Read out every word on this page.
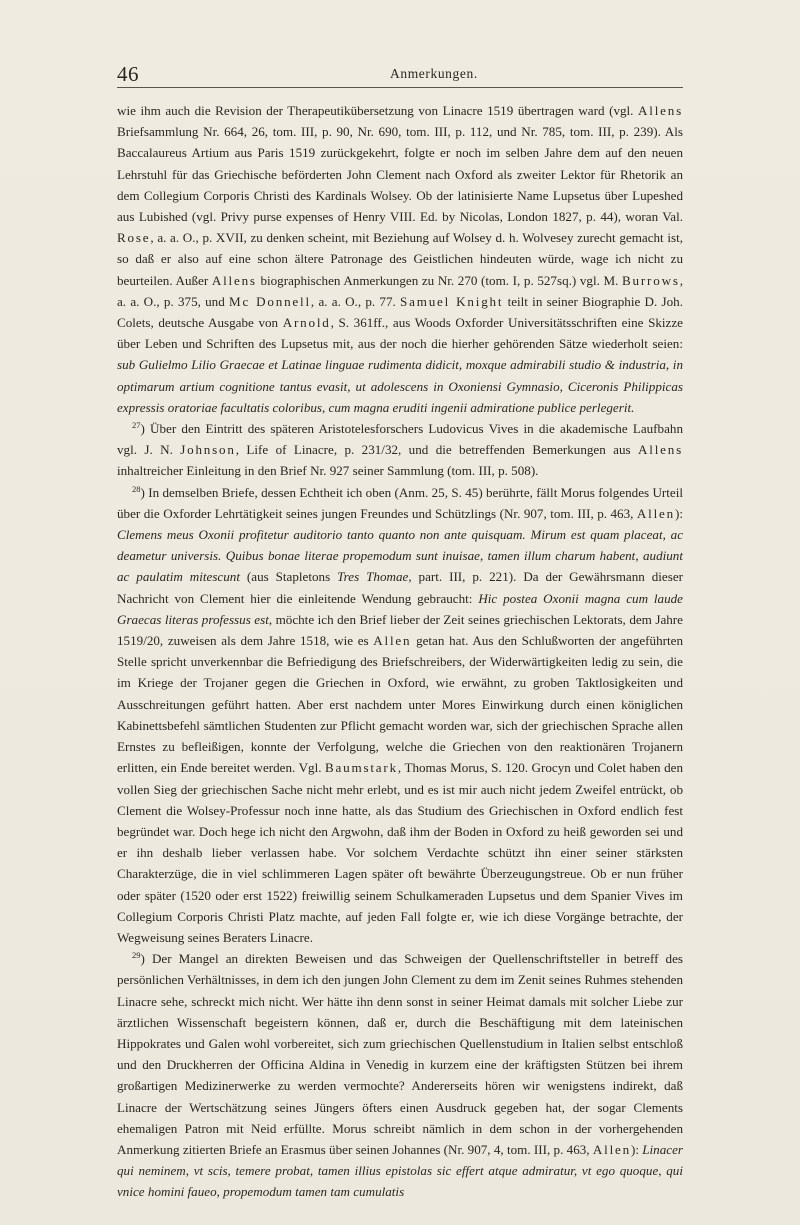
46	Anmerkungen.

wie ihm auch die Revision der Therapeutikübersetzung von Linacre 1519 übertragen ward (vgl. Allens Briefsammlung Nr. 664, 26, tom. III, p. 90, Nr. 690, tom. III, p. 112, und Nr. 785, tom. III, p. 239). Als Baccalaureus Artium aus Paris 1519 zurückgekehrt, folgte er noch im selben Jahre dem auf den neuen Lehrstuhl für das Griechische beförderten John Clement nach Oxford als zweiter Lektor für Rhetorik an dem Collegium Corporis Christi des Kardinals Wolsey. Ob der latinisierte Name Lupsetus über Lupeshed aus Lubished (vgl. Privy purse expenses of Henry VIII. Ed. by Nicolas, London 1827, p. 44), woran Val. Rose, a. a. O., p. XVII, zu denken scheint, mit Beziehung auf Wolsey d. h. Wolvesey zurecht gemacht ist, so daß er also auf eine schon ältere Patronage des Geistlichen hindeuten würde, wage ich nicht zu beurteilen. Außer Allens biographischen Anmerkungen zu Nr. 270 (tom. I, p. 527sq.) vgl. M. Burrows, a. a. O., p. 375, und Mc Donnell, a. a. O., p. 77. Samuel Knight teilt in seiner Biographie D. Joh. Colets, deutsche Ausgabe von Arnold, S. 361ff., aus Woods Oxforder Universitätsschriften eine Skizze über Leben und Schriften des Lupsetus mit, aus der noch die hierher gehörenden Sätze wiederholt seien: sub Gulielmo Lilio Graecae et Latinae linguae rudimenta didicit, moxque admirabili studio & industria, in optimarum artium cognitione tantus evasit, ut adolescens in Oxoniensi Gymnasio, Ciceronis Philippicas expressis oratoriae facultatis coloribus, cum magna eruditi ingenii admiratione publice perlegerit.

$^{27}$) Über den Eintritt des späteren Aristotelesforschers Ludovicus Vives in die akademische Laufbahn vgl. J. N. Johnson, Life of Linacre, p. 231/32, und die betreffenden Bemerkungen aus Allens inhaltreicher Einleitung in den Brief Nr. 927 seiner Sammlung (tom. III, p. 508).

$^{28}$) In demselben Briefe, dessen Echtheit ich oben (Anm. 25, S. 45) berührte, fällt Morus folgendes Urteil über die Oxforder Lehrtätigkeit seines jungen Freundes und Schützlings (Nr. 907, tom. III, p. 463, Allen): Clemens meus Oxonii profitetur auditorio tanto quanto non ante quisquam. Mirum est quam placeat, ac deametur universis. Quibus bonae literae propemodum sunt inuisae, tamen illum charum habent, audiunt ac paulatim mitescunt (aus Stapletons Tres Thomae, part. III, p. 221). Da der Gewährsmann dieser Nachricht von Clement hier die einleitende Wendung gebraucht: Hic postea Oxonii magna cum laude Graecas literas professus est, möchte ich den Brief lieber der Zeit seines griechischen Lektorats, dem Jahre 1519/20, zuweisen als dem Jahre 1518, wie es Allen getan hat. Aus den Schlußworten der angeführten Stelle spricht unverkennbar die Befriedigung des Briefschreibers, der Widerwärtigkeiten ledig zu sein, die im Kriege der Trojaner gegen die Griechen in Oxford, wie erwähnt, zu groben Taktlosigkeiten und Ausschreitungen geführt hatten. Aber erst nachdem unter Mores Einwirkung durch einen königlichen Kabinettsbefehl sämtlichen Studenten zur Pflicht gemacht worden war, sich der griechischen Sprache allen Ernstes zu befleißigen, konnte der Verfolgung, welche die Griechen von den reaktionären Trojanern erlitten, ein Ende bereitet werden. Vgl. Baumstark, Thomas Morus, S. 120. Grocyn und Colet haben den vollen Sieg der griechischen Sache nicht mehr erlebt, und es ist mir auch nicht jedem Zweifel entrückt, ob Clement die Wolsey-Professur noch inne hatte, als das Studium des Griechischen in Oxford endlich fest begründet war. Doch hege ich nicht den Argwohn, daß ihm der Boden in Oxford zu heiß geworden sei und er ihn deshalb lieber verlassen habe. Vor solchem Verdachte schützt ihn einer seiner stärksten Charakterzüge, die in viel schlimmeren Lagen später oft bewährte Überzeugungstreue. Ob er nun früher oder später (1520 oder erst 1522) freiwillig seinem Schulkameraden Lupsetus und dem Spanier Vives im Collegium Corporis Christi Platz machte, auf jeden Fall folgte er, wie ich diese Vorgänge betrachte, der Wegweisung seines Beraters Linacre.

$^{29}$) Der Mangel an direkten Beweisen und das Schweigen der Quellenschriftsteller in betreff des persönlichen Verhältnisses, in dem ich den jungen John Clement zu dem im Zenit seines Ruhmes stehenden Linacre sehe, schreckt mich nicht. Wer hätte ihn denn sonst in seiner Heimat damals mit solcher Liebe zur ärztlichen Wissenschaft begeistern können, daß er, durch die Beschäftigung mit dem lateinischen Hippokrates und Galen wohl vorbereitet, sich zum griechischen Quellenstudium in Italien selbst entschloß und den Druckherren der Officina Aldina in Venedig in kurzem eine der kräftigsten Stützen bei ihrem großartigen Medizinerwerke zu werden vermochte? Andererseits hören wir wenigstens indirekt, daß Linacre der Wertschätzung seines Jüngers öfters einen Ausdruck gegeben hat, der sogar Clements ehemaligen Patron mit Neid erfüllte. Morus schreibt nämlich in dem schon in der vorhergehenden Anmerkung zitierten Briefe an Erasmus über seinen Johannes (Nr. 907, 4, tom. III, p. 463, Allen): Linacer qui neminem, vt scis, temere probat, tamen illius epistolas sic effert atque admiratur, vt ego quoque, qui vnice homini faueo, propemodum tamen tam cumulatis
